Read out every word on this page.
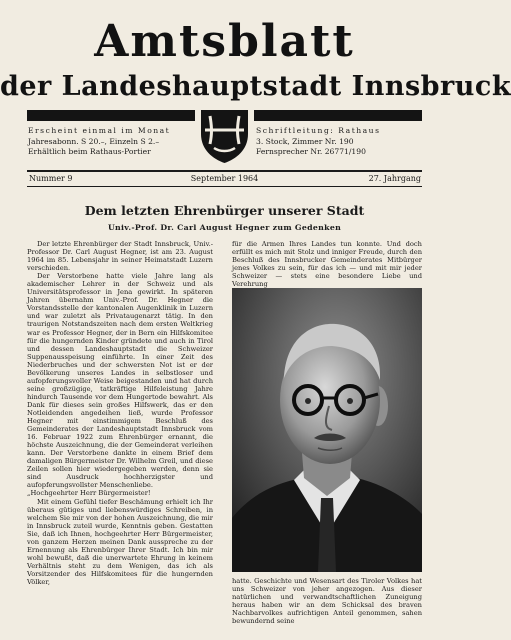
Amtsblatt
der Landeshauptstadt Innsbruck
Erscheint einmal im Monat
Jahresabonn. S 20.–, Einzeln S 2.–
Erhältlich beim Rathaus-Portier
Schriftleitung: Rathaus
3. Stock, Zimmer Nr. 190
Fernsprecher Nr. 26771/190
Nummer 9	September 1964	27. Jahrgang
Dem letzten Ehrenbürger unserer Stadt
Univ.-Prof. Dr. Carl August Hegner zum Gedenken

Der letzte Ehrenbürger der Stadt Innsbruck, Univ.-Professor Dr. Carl August Hegner, ist am 23. August 1964 im 85. Lebensjahr in seiner Heimatstadt Luzern verschieden.

Der Verstorbene hatte viele Jahre lang als akademischer Lehrer in der Schweiz und als Universitätsprofessor in Jena gewirkt. In späteren Jahren übernahm Univ.-Prof. Dr. Hegner die Vorstandsstelle der kantonalen Augenklinik in Luzern und war zuletzt als Privataugenarzt tätig. In den traurigen Notstandszeiten nach dem ersten Weltkrieg war es Professor Hegner, der in Bern ein Hilfskomitee für die hungernden Kinder gründete und auch in Tirol und dessen Landeshauptstadt die Schweizer Suppenausspeisung einführte. In einer Zeit des Niederbruches und der schwersten Not ist er der Bevölkerung unseres Landes in selbstloser und aufopferungsvoller Weise beigestanden und hat durch seine großzügige, tatkräftige Hilfeleistung Jahre hindurch Tausende vor dem Hungertode bewahrt. Als Dank für dieses sein großes Hilfswerk, das er den Notleidenden angedeihen ließ, wurde Professor Hegner mit einstimmigem Beschluß des Gemeinderates der Landeshauptstadt Innsbruck vom 16. Februar 1922 zum Ehrenbürger ernannt, die höchste Auszeichnung, die der Gemeinderat verleihen kann. Der Verstorbene dankte in einem Brief dem damaligen Bürgermeister Dr. Wilhelm Greil, und diese Zeilen sollen hier wiedergegeben werden, denn sie sind Ausdruck hochherzigster und aufopferungsvollster Menschenliebe.

„Hochgeehrter Herr Bürgermeister!

Mit einem Gefühl tiefer Beschämung erhielt ich Ihr überaus gütiges und liebenswürdiges Schreiben, in welchem Sie mir von der hohen Auszeichnung, die mir in Innsbruck zuteil wurde, Kenntnis geben. Gestatten Sie, daß ich Ihnen, hochgeehrter Herr Bürgermeister, von ganzem Herzen meinen Dank ausspreche zu der Ernennung als Ehrenbürger Ihrer Stadt. Ich bin mir wohl bewußt, daß die unerwartete Ehrung in keinem Verhältnis steht zu dem Wenigen, das ich als Vorsitzender des Hilfskomitees für die hungernden Völker,

für die Armen Ihres Landes tun konnte. Und doch erfüllt es mich mit Stolz und inniger Freude, durch den Beschluß des Innsbrucker Gemeinderates Mitbürger jenes Volkes zu sein, für das ich — und mit mir jeder Schweizer — stets eine besondere Liebe und Verehrung

hatte. Geschichte und Wesensart des Tiroler Volkes hat uns Schweizer von jeher angezogen. Aus dieser natürlichen und verwandtschaftlichen Zuneigung heraus haben wir an dem Schicksal des braven Nachbarvolkes aufrichtigen Anteil genommen, sahen bewundernd seine
